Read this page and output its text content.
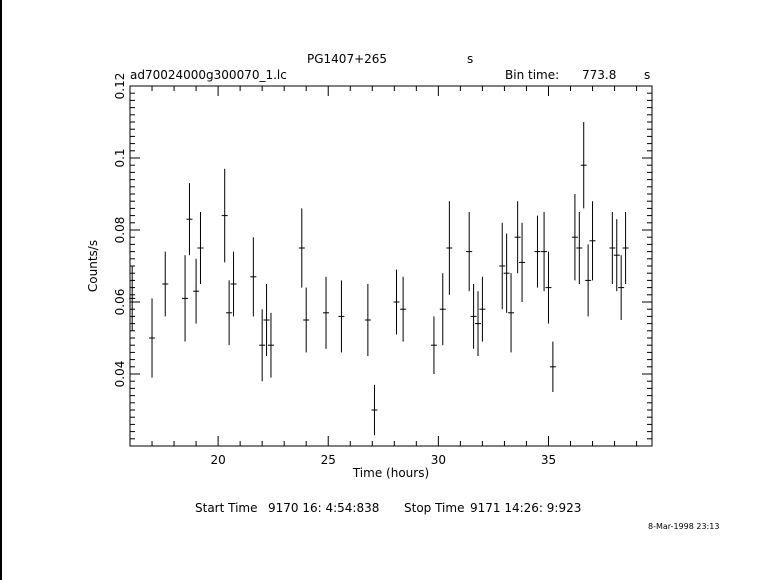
PG1407+265	s
ad70024000g300070_1.lc	Bin time: 773.8 s
20	25	30	35
0.04
0.06
0.08
0.1
0.12
Time (hours)
Counts/s
Start Time 9170 16: 4:54:838 Stop Time 9171 14:26: 9:923
8-Mar-1998 23:13
